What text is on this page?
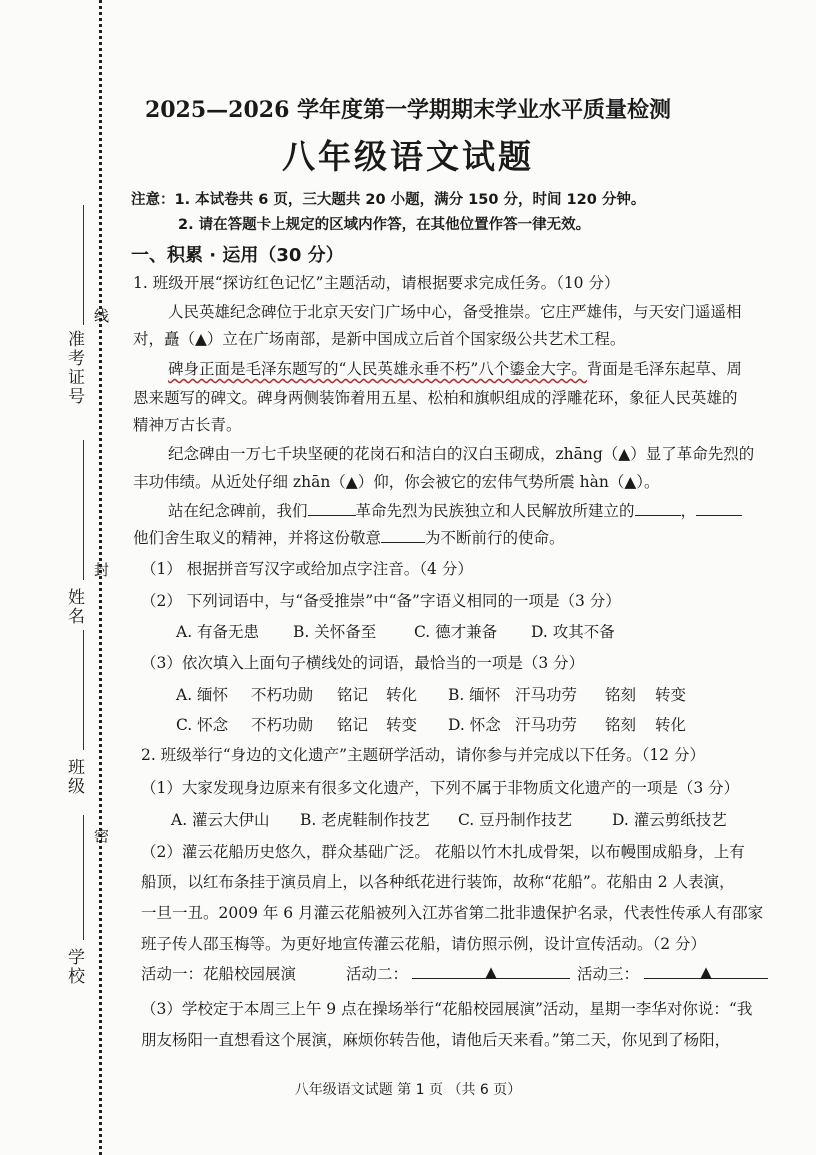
准考证号
线
姓名
封
班级
密
学校
2025—2026 学年度第一学期期末学业水平质量检测
八年级语文试题
注意：1. 本试卷共 6 页，三大题共 20 小题，满分 150 分，时间 120 分钟。
2. 请在答题卡上规定的区域内作答，在其他位置作答一律无效。
一、积累 · 运用（30 分）
1. 班级开展“探访红色记忆”主题活动，请根据要求完成任务。（10 分）
人民英雄纪念碑位于北京天安门广场中心，备受推崇。它庄严雄伟，与天安门遥遥相
对，矗（▲）立在广场南部，是新中国成立后首个国家级公共艺术工程。
碑身正面是毛泽东题写的“人民英雄永垂不朽”八个鎏金大字。背面是毛泽东起草、周
恩来题写的碑文。碑身两侧装饰着用五星、松柏和旗帜组成的浮雕花环，象征人民英雄的
精神万古长青。
纪念碑由一万七千块坚硬的花岗石和洁白的汉白玉砌成，zhāng（▲）显了革命先烈的
丰功伟绩。从近处仔细 zhān（▲）仰，你会被它的宏伟气势所震 hàn（▲）。
站在纪念碑前，我们	革命先烈为民族独立和人民解放所建立的	，
他们舍生取义的精神，并将这份敬意	为不断前行的使命。
（1） 根据拼音写汉字或给加点字注音。（4 分）
（2） 下列词语中，与“备受推崇”中“备”字语义相同的一项是（3 分）
A. 有备无患 B. 关怀备至 C. 德才兼备 D. 攻其不备
（3）依次填入上面句子横线处的词语，最恰当的一项是（3 分）
A. 缅怀 不朽功勋 铭记 转化 B. 缅怀 汗马功劳 铭刻 转变
C. 怀念 不朽功勋 铭记 转变 D. 怀念 汗马功劳 铭刻 转化
2. 班级举行“身边的文化遗产”主题研学活动，请你参与并完成以下任务。（12 分）
（1）大家发现身边原来有很多文化遗产，下列不属于非物质文化遗产的一项是（3 分）
A. 灌云大伊山 B. 老虎鞋制作技艺 C. 豆丹制作技艺	D. 灌云剪纸技艺
（2）灌云花船历史悠久，群众基础广泛。 花船以竹木扎成骨架，以布幔围成船身，上有
船顶，以红布条挂于演员肩上，以各种纸花进行装饰，故称“花船”。花船由 2 人表演，
一旦一丑。2009 年 6 月灌云花船被列入江苏省第二批非遗保护名录，代表性传承人有邵家
班子传人邵玉梅等。为更好地宣传灌云花船，请仿照示例，设计宣传活动。（2 分）
活动一：花船校园展演	活动二：	▲	活动三：	▲
（3）学校定于本周三上午 9 点在操场举行“花船校园展演”活动，星期一李华对你说：“我
朋友杨阳一直想看这个展演，麻烦你转告他，请他后天来看。”第二天，你见到了杨阳，
八年级语文试题 第 1 页 （共 6 页）
